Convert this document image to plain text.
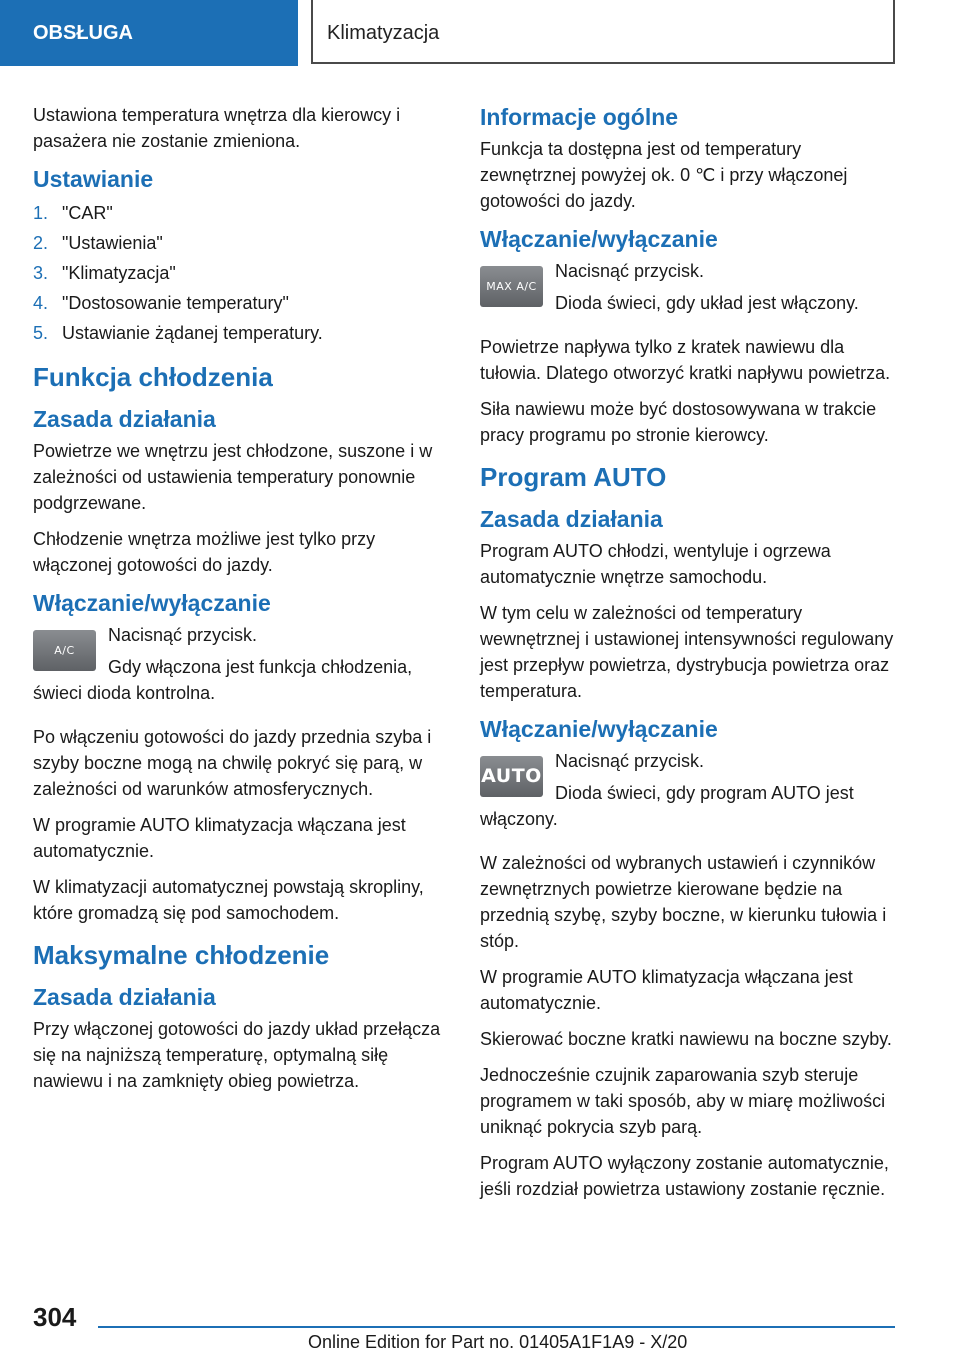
OBSŁUGA	Klimatyzacja

Ustawiona temperatura wnętrza dla kierowcy i pasażera nie zostanie zmieniona.

Ustawianie
1. "CAR"
2. "Ustawienia"
3. "Klimatyzacja"
4. "Dostosowanie temperatury"
5. Ustawianie żądanej temperatury.
Funkcja chłodzenia
Zasada działania

Powietrze we wnętrzu jest chłodzone, suszone i w zależności od ustawienia temperatury ponownie podgrzewane.

Chłodzenie wnętrza możliwe jest tylko przy włączonej gotowości do jazdy.

Włączanie/wyłączanie
A/C

Nacisnąć przycisk.

Gdy włączona jest funkcja chłodzenia, świeci dioda kontrolna.

Po włączeniu gotowości do jazdy przednia szyba i szyby boczne mogą na chwilę pokryć się parą, w zależności od warunków atmosferycznych.

W programie AUTO klimatyzacja włączana jest automatycznie.

W klimatyzacji automatycznej powstają skropliny, które gromadzą się pod samochodem.

Maksymalne chłodzenie
Zasada działania

Przy włączonej gotowości do jazdy układ przełącza się na najniższą temperaturę, optymalną siłę nawiewu i na zamknięty obieg powietrza.

Informacje ogólne

Funkcja ta dostępna jest od temperatury zewnętrznej powyżej ok. 0 ℃ i przy włączonej gotowości do jazdy.

Włączanie/wyłączanie
MAX A/C

Nacisnąć przycisk.

Dioda świeci, gdy układ jest włączony.

Powietrze napływa tylko z kratek nawiewu dla tułowia. Dlatego otworzyć kratki napływu powietrza.

Siła nawiewu może być dostosowywana w trakcie pracy programu po stronie kierowcy.

Program AUTO
Zasada działania

Program AUTO chłodzi, wentyluje i ogrzewa automatycznie wnętrze samochodu.

W tym celu w zależności od temperatury wewnętrznej i ustawionej intensywności regulowany jest przepływ powietrza, dystrybucja powietrza oraz temperatura.

Włączanie/wyłączanie
AUTO

Nacisnąć przycisk.

Dioda świeci, gdy program AUTO jest włączony.

W zależności od wybranych ustawień i czynników zewnętrznych powietrze kierowane będzie na przednią szybę, szyby boczne, w kierunku tułowia i stóp.

W programie AUTO klimatyzacja włączana jest automatycznie.

Skierować boczne kratki nawiewu na boczne szyby.

Jednocześnie czujnik zaparowania szyb steruje programem w taki sposób, aby w miarę możliwości uniknąć pokrycia szyb parą.

Program AUTO wyłączony zostanie automatycznie, jeśli rozdział powietrza ustawiony zostanie ręcznie.

304
Online Edition for Part no. 01405A1F1A9 - X/20
